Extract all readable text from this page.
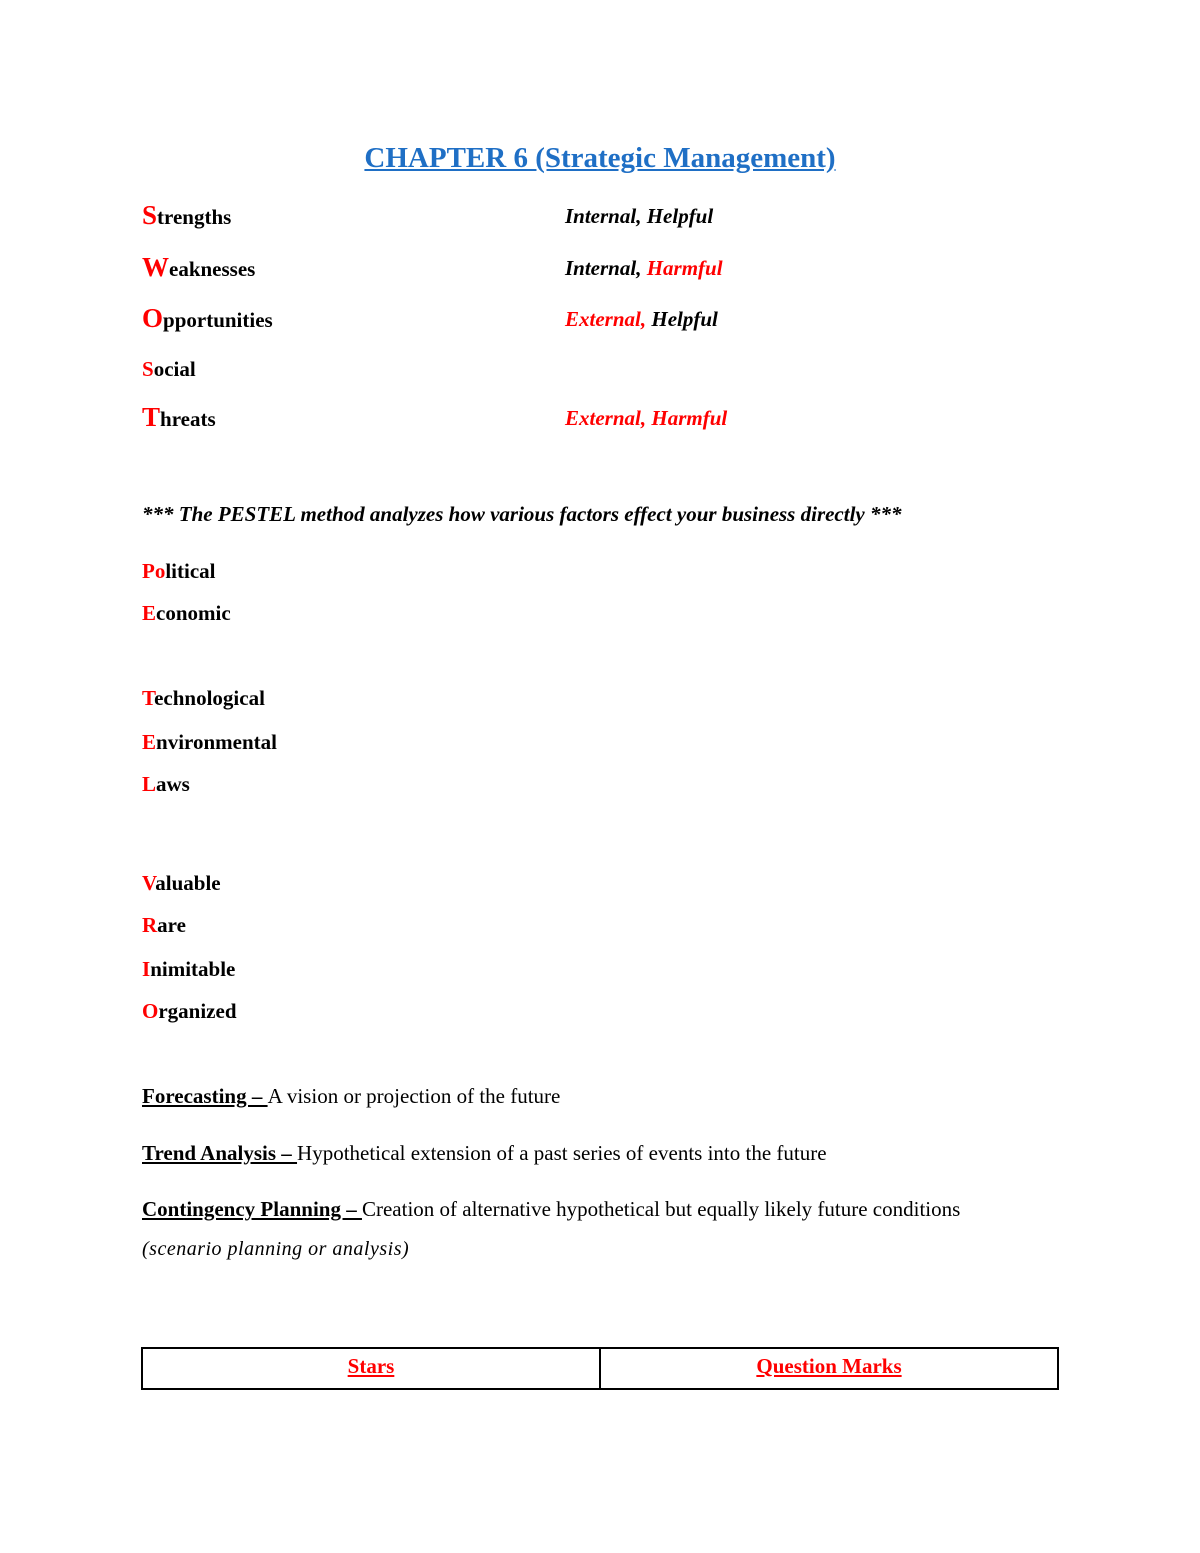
CHAPTER 6 (Strategic Management)
Strengths	Internal, Helpful
Weaknesses	Internal, Harmful
Opportunities	External, Helpful
Social
Threats	External, Harmful
*** The PESTEL method analyzes how various factors effect your business directly ***
Political
Economic
Technological
Environmental
Laws
Valuable
Rare
Inimitable
Organized
Forecasting – A vision or projection of the future
Trend Analysis – Hypothetical extension of a past series of events into the future
Contingency Planning – Creation of alternative hypothetical but equally likely future conditions
(scenario planning or analysis)
Stars	Question Marks
